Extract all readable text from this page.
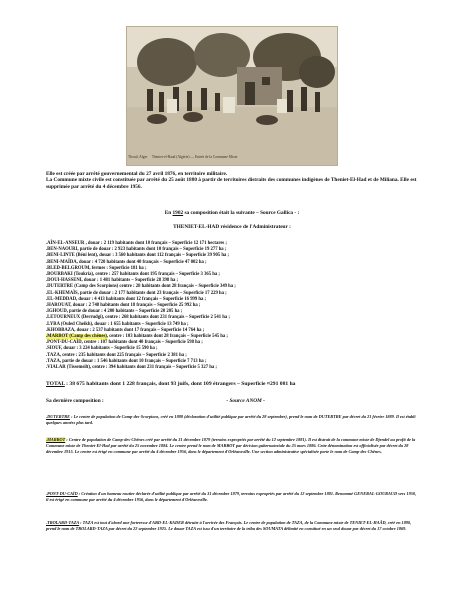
Thouil, Alger Theniet-el-Haad (Algérie) — Entrée de la Commune Mixte
Elle est créée par arrêté gouvernemental du 27 avril 1876, en territoire militaire.
La Commune mixte civile est constituée par arrêté du 25 août 1880 à partir de territoires distraits des communes indigènes de Theniet-El-Had et de Miliana. Elle est supprimée par arrêté du 4 décembre 1956.
En 1902 sa composition était la suivante – Source Gallica - :
THENIET-EL-HAD résidence de l'Administrateur :
.AÏN-EL-ANSEUR , douar : 2 119 habitants dont 10 français – Superficie 12 171 hectares ;
.BEN-NAOURI, partie de douar : 2 923 habitants dont 10 français – Superficie 19 277 ha ;
.BENI-LINTE (Béni lent), douar : 3 560 habitants dont 112 français – Superficie 39 905 ha ;
.BENI-MAÏDA, douar : 4 720 habitants dont 40 français – Superficie 47 002 ha ;
.BLED-BELGROUM, fermes : Superficie 181 ha ;
.BOURBAKI (Toukria), centre : 257 habitants dont 195 français – Superficie 3 365 ha ;
.DOUI-HASSENI, douar : 1 481 habitants – Superficie 28 398 ha ;
.DUTERTRE (Camp des Scorpions) centre : 28 habitants dont 28 français – Superficie 349 ha ;
.EL-KHEMAÏS, partie de douar : 2 177 habitants dont 23 français – Superficie 17 229 ha ;
.EL-MEDDAD, douar : 4 413 habitants dont 12 français – Superficie 16 999 ha ;
.HAROUAT, douar : 2 748 habitants dont 18 français – Superficie 25 992 ha ;
.IGHOUD, partie de douar : 4 200 habitants – Superficie 20 205 ha ;
.LETOURNEUX (Derrudgi), centre : 268 habitants dont 231 français – Superficie 2 541 ha ;
.LYRA (Ouled Cheikh), douar : 1 655 habitants – Superficie 13 749 ha ;
.KHOBBAZA, douar : 2 537 habitants dont 17 français – Superficie 14 764 ha ;
.MARBOT (Camp des chênes), centre : 103 habitants dont 28 français – Superficie 545 ha ;
.PONT-DU-CAÏD, centre : 107 habitants dont 40 français – Superficie 598 ha ;
.SIOUF, douar : 3 224 habitants – Superficie 15 590 ha ;
.TAZA, centre : 235 habitants dont 225 français – Superficie 2 381 ha ;
.TAZA, partie de douar : 1 546 habitants dont 10 français – Superficie 7 713 ha ;
.VIALAR (Tissemsilt), centre : 394 habitants dont 231 français – Superficie 5 327 ha ;
TOTAL : 38 675 habitants dont 1 228 français, dont 93 juifs, dont 109 étrangers – Superficie ≈291 081 ha
Sa dernière composition :	- Source ANOM -
.DUTERTRE : Le centre de population de Camp-des-Scorpions, créé en 1888 (déclaration d'utilité publique par arrêté du 28 septembre), prend le nom de DUTERTRE par décret du 21 février 1889. Il est établi quelques années plus tard.
.MARBOT : Centre de population de Camp-des-Chênes créé par arrêté du 31 décembre 1879 (terrains expropriés par arrêté du 12 septembre 1881). Il est distrait de la commune mixte de Djendel au profit de la Commune mixte de Theniet-El-Had par arrêté du 25 novembre 1884. Le centre prend le nom de MARBOT par décision gubernatoriale du 25 mars 1886. Cette dénomination est officialisée par décret du 28 décembre 1915. Le centre est érigé en commune par arrêté du 4 décembre 1956, dans le département d'Orléansville. Une section administrative spécialisée porte le nom de Camp-des-Chênes.
.PONT-DU-CAÏD : Création d'un hameau routier déclarée d'utilité publique par arrêté du 31 décembre 1879, terrains expropriés par arrêté du 12 septembre 1881. Renommé GENERAL-GOURAUD vers 1950, il est érigé en commune par arrêté du 4 décembre 1956, dans le département d'Orléansville.
.TROLARD-TAZA : TAZA est tout d'abord une forteresse d'ABD-EL-KADER détruite à l'arrivée des Français. Le centre de population de TAZA, de la Commune mixte de TENIET-EL-HAÂD, créé en 1890, prend le nom de TROLARD-TAZA par décret du 22 septembre 1925. Le douar TAZA est issu d'un territoire de la tribu des SOUMATA délimité en constitué en un seul douar par décret du 17 octobre 1869.
